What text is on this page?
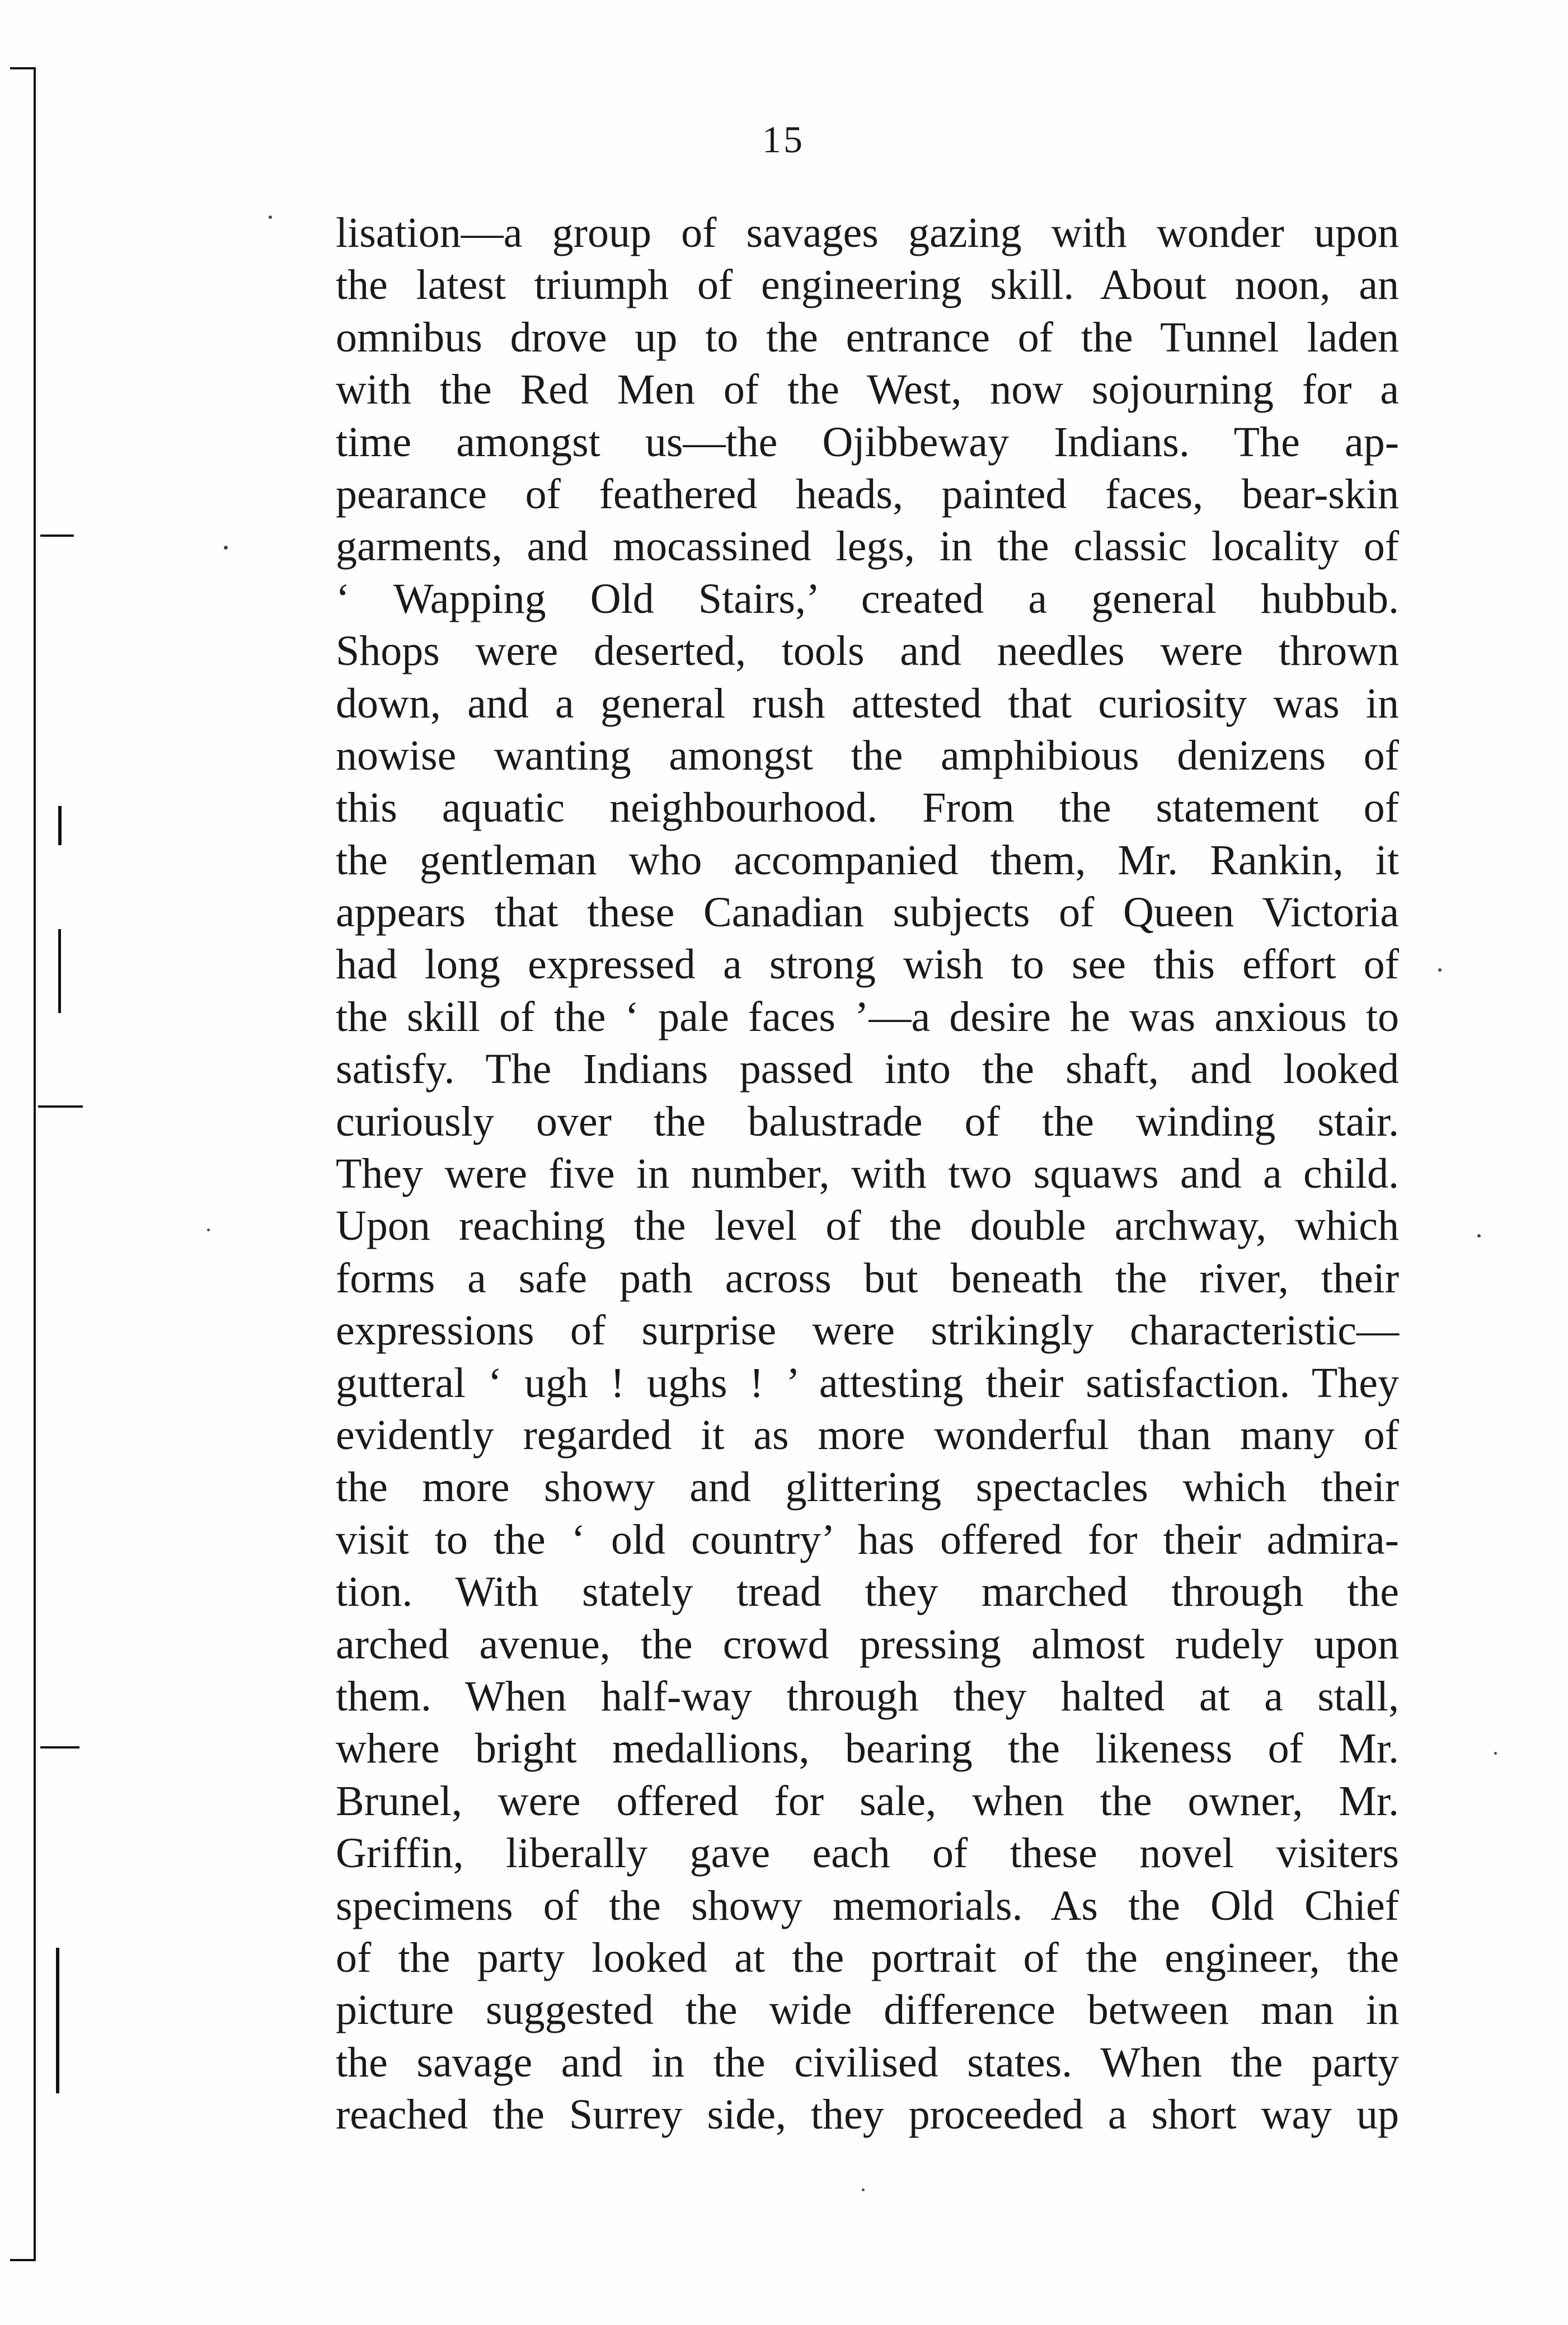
15
lisation—a group of savages gazing with wonder upon
the latest triumph of engineering skill. About noon, an
omnibus drove up to the entrance of the Tunnel laden
with the Red Men of the West, now sojourning for a
time amongst us—the Ojibbeway Indians. The ap-
pearance of feathered heads, painted faces, bear-skin
garments, and mocassined legs, in the classic locality of
‘ Wapping Old Stairs,’ created a general hubbub.
Shops were deserted, tools and needles were thrown
down, and a general rush attested that curiosity was in
nowise wanting amongst the amphibious denizens of
this aquatic neighbourhood. From the statement of
the gentleman who accompanied them, Mr. Rankin, it
appears that these Canadian subjects of Queen Victoria
had long expressed a strong wish to see this effort of
the skill of the ‘ pale faces ’—a desire he was anxious to
satisfy. The Indians passed into the shaft, and looked
curiously over the balustrade of the winding stair.
They were five in number, with two squaws and a child.
Upon reaching the level of the double archway, which
forms a safe path across but beneath the river, their
expressions of surprise were strikingly characteristic—
gutteral ‘ ugh ! ughs ! ’ attesting their satisfaction. They
evidently regarded it as more wonderful than many of
the more showy and glittering spectacles which their
visit to the ‘ old country’ has offered for their admira-
tion. With stately tread they marched through the
arched avenue, the crowd pressing almost rudely upon
them. When half-way through they halted at a stall,
where bright medallions, bearing the likeness of Mr.
Brunel, were offered for sale, when the owner, Mr.
Griffin, liberally gave each of these novel visiters
specimens of the showy memorials. As the Old Chief
of the party looked at the portrait of the engineer, the
picture suggested the wide difference between man in
the savage and in the civilised states. When the party
reached the Surrey side, they proceeded a short way up
